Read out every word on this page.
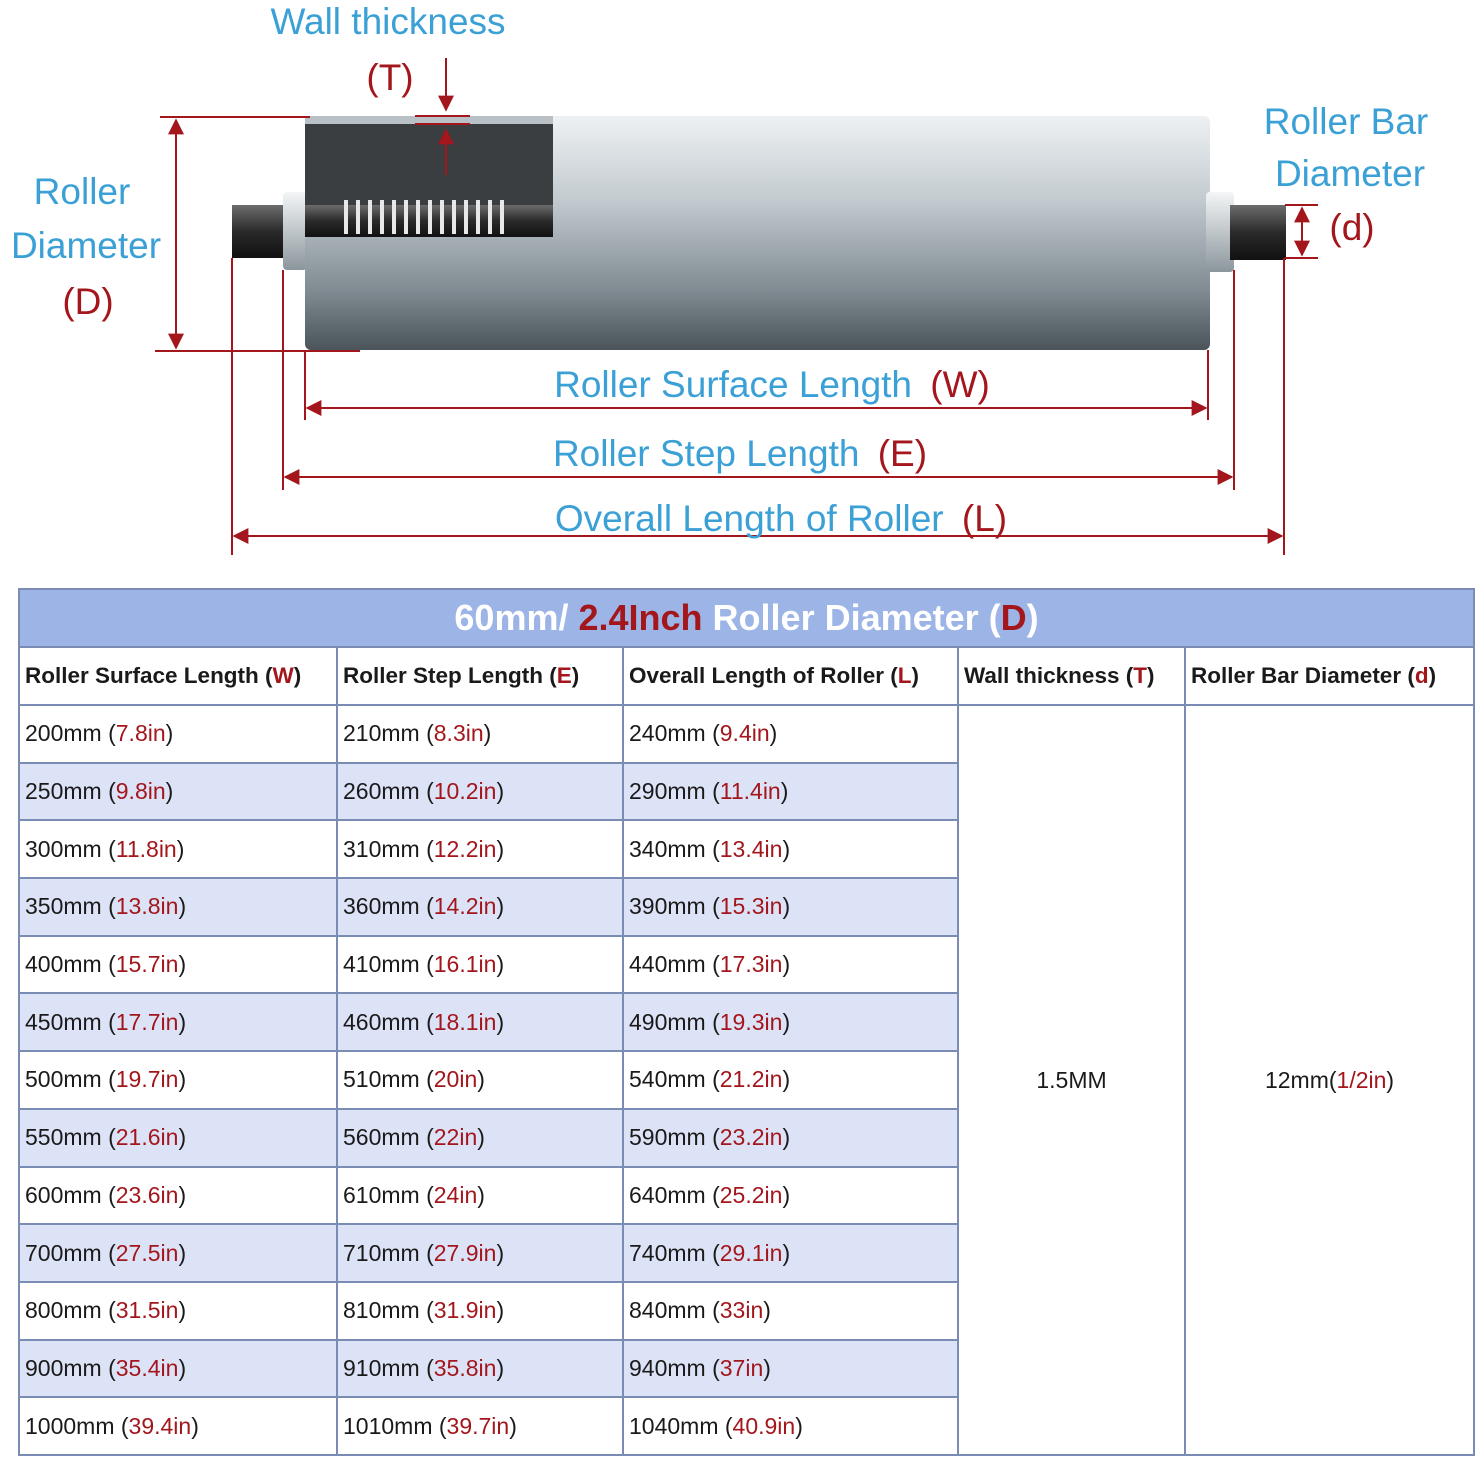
Wall thickness
(T)
Roller
Diameter
(D)
Roller Bar
Diameter
(d)
Roller Surface Length (W)
Roller Step Length (E)
Overall Length of Roller (L)
60mm/ 2.4Inch Roller Diameter (D)				
Roller Surface Length (W)	Roller Step Length (E)	Overall Length of Roller (L)	Wall thickness (T)	Roller Bar Diameter (d)
200mm (7.8in)	210mm (8.3in)	240mm (9.4in)	1.5MM	12mm(1/2in)
250mm (9.8in)	260mm (10.2in)	290mm (11.4in)		
300mm (11.8in)	310mm (12.2in)	340mm (13.4in)		
350mm (13.8in)	360mm (14.2in)	390mm (15.3in)		
400mm (15.7in)	410mm (16.1in)	440mm (17.3in)		
450mm (17.7in)	460mm (18.1in)	490mm (19.3in)		
500mm (19.7in)	510mm (20in)	540mm (21.2in)		
550mm (21.6in)	560mm (22in)	590mm (23.2in)		
600mm (23.6in)	610mm (24in)	640mm (25.2in)		
700mm (27.5in)	710mm (27.9in)	740mm (29.1in)		
800mm (31.5in)	810mm (31.9in)	840mm (33in)		
900mm (35.4in)	910mm (35.8in)	940mm (37in)		
1000mm (39.4in)	1010mm (39.7in)	1040mm (40.9in)		
